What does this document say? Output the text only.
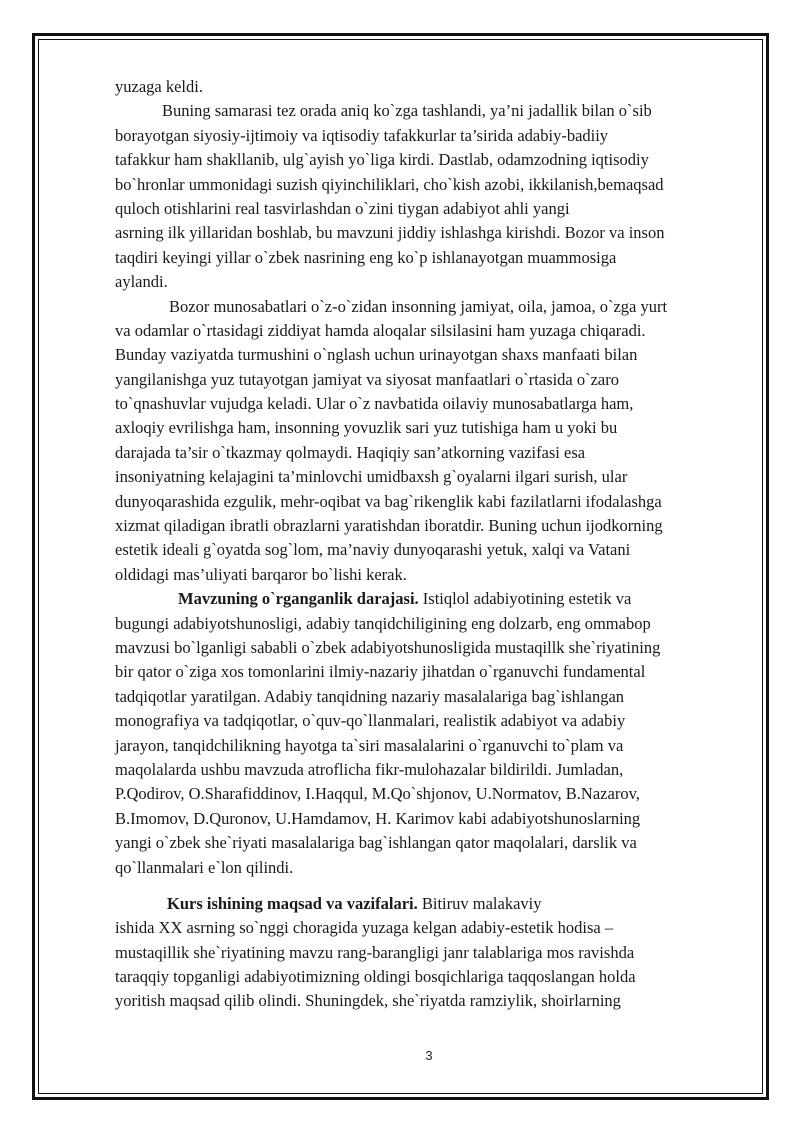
yuzaga keldi.
Buning samarasi tez orada aniq ko`zga tashlandi, ya’ni jadallik bilan o`sib
borayotgan siyosiy-ijtimoiy va iqtisodiy tafakkurlar ta’sirida adabiy-badiiy
tafakkur ham shakllanib, ulg`ayish yo`liga kirdi. Dastlab, odamzodning iqtisodiy
bo`hronlar ummonidagi suzish qiyinchiliklari, cho`kish azobi, ikkilanish,bemaqsad
quloch otishlarini real tasvirlashdan o`zini tiygan adabiyot ahli yangi
asrning ilk yillaridan boshlab, bu mavzuni jiddiy ishlashga kirishdi. Bozor va inson
taqdiri keyingi yillar o`zbek nasrining eng ko`p ishlanayotgan muammosiga
aylandi.
Bozor munosabatlari o`z-o`zidan insonning jamiyat, oila, jamoa, o`zga yurt
va odamlar o`rtasidagi ziddiyat hamda aloqalar silsilasini ham yuzaga chiqaradi.
Bunday vaziyatda turmushini o`nglash uchun urinayotgan shaxs manfaati bilan
yangilanishga yuz tutayotgan jamiyat va siyosat manfaatlari o`rtasida o`zaro
to`qnashuvlar vujudga keladi. Ular o`z navbatida oilaviy munosabatlarga ham,
axloqiy evrilishga ham, insonning yovuzlik sari yuz tutishiga ham u yoki bu
darajada ta’sir o`tkazmay qolmaydi. Haqiqiy san’atkorning vazifasi esa
insoniyatning kelajagini ta’minlovchi umidbaxsh g`oyalarni ilgari surish, ular
dunyoqarashida ezgulik, mehr-oqibat va bag`rikenglik kabi fazilatlarni ifodalashga
xizmat qiladigan ibratli obrazlarni yaratishdan iboratdir. Buning uchun ijodkorning
estetik ideali g`oyatda sog`lom, ma’naviy dunyoqarashi yetuk, xalqi va Vatani
oldidagi mas’uliyati barqaror bo`lishi kerak.
Mavzuning o`rganganlik darajasi. Istiqlol adabiyotining estetik va
bugungi adabiyotshunosligi, adabiy tanqidchiligining eng dolzarb, eng ommabop
mavzusi bo`lganligi sababli o`zbek adabiyotshunosligida mustaqillk she`riyatining
bir qator o`ziga xos tomonlarini ilmiy-nazariy jihatdan o`rganuvchi fundamental
tadqiqotlar yaratilgan. Adabiy tanqidning nazariy masalalariga bag`ishlangan
monografiya va tadqiqotlar, o`quv-qo`llanmalari, realistik adabiyot va adabiy
jarayon, tanqidchilikning hayotga ta`siri masalalarini o`rganuvchi to`plam va
maqolalarda ushbu mavzuda atroflicha fikr-mulohazalar bildirildi. Jumladan,
P.Qodirov, O.Sharafiddinov, I.Haqqul, M.Qo`shjonov, U.Normatov, B.Nazarov,
B.Imomov, D.Quronov, U.Hamdamov, H. Karimov kabi adabiyotshunoslarning
yangi o`zbek she`riyati masalalariga bag`ishlangan qator maqolalari, darslik va
qo`llanmalari e`lon qilindi.
Kurs ishining maqsad va vazifalari. Bitiruv malakaviy
ishida XX asrning so`nggi choragida yuzaga kelgan adabiy-estetik hodisa –
mustaqillik she`riyatining mavzu rang-barangligi janr talablariga mos ravishda
taraqqiy topganligi adabiyotimizning oldingi bosqichlariga taqqoslangan holda
yoritish maqsad qilib olindi. Shuningdek, she`riyatda ramziylik, shoirlarning
3
